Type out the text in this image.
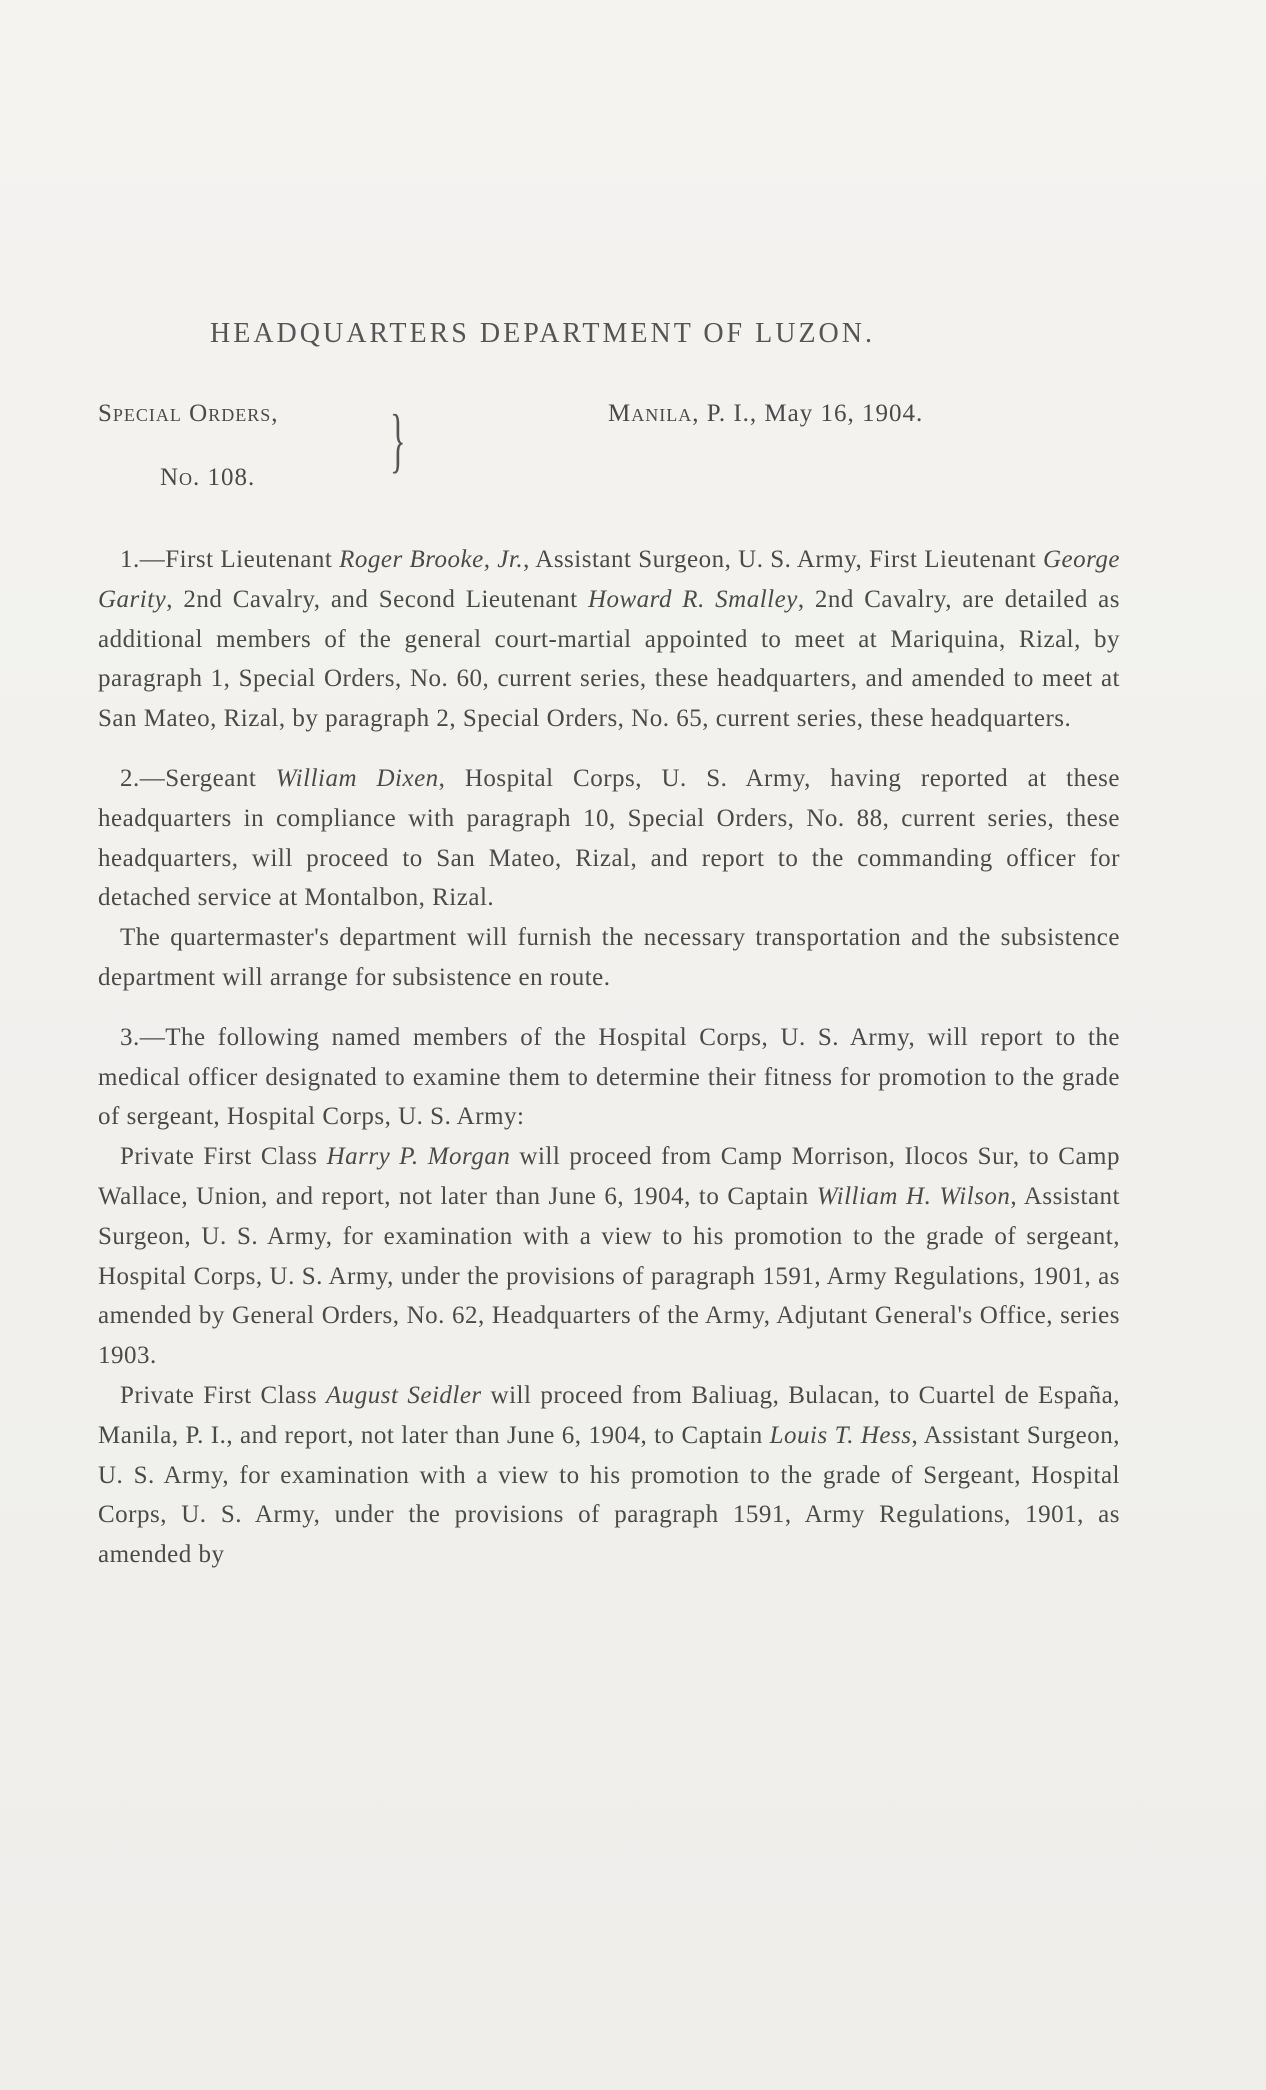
HEADQUARTERS DEPARTMENT OF LUZON.
Special Orders,
No. 108.	}	Manila, P. I., May 16, 1904.

1.—First Lieutenant Roger Brooke, Jr., Assistant Surgeon, U. S. Army, First Lieutenant George Garity, 2nd Cavalry, and Second Lieutenant Howard R. Smalley, 2nd Cavalry, are detailed as additional members of the general court-martial appointed to meet at Mariquina, Rizal, by paragraph 1, Special Orders, No. 60, current series, these headquarters, and amended to meet at San Mateo, Rizal, by paragraph 2, Special Orders, No. 65, current series, these headquarters.

2.—Sergeant William Dixen, Hospital Corps, U. S. Army, having reported at these headquarters in compliance with paragraph 10, Special Orders, No. 88, current series, these headquarters, will proceed to San Mateo, Rizal, and report to the commanding officer for detached service at Montalbon, Rizal.

The quartermaster's department will furnish the necessary transportation and the subsistence department will arrange for subsistence en route.

3.—The following named members of the Hospital Corps, U. S. Army, will report to the medical officer designated to examine them to determine their fitness for promotion to the grade of sergeant, Hospital Corps, U. S. Army:

Private First Class Harry P. Morgan will proceed from Camp Morrison, Ilocos Sur, to Camp Wallace, Union, and report, not later than June 6, 1904, to Captain William H. Wilson, Assistant Surgeon, U. S. Army, for examination with a view to his promotion to the grade of sergeant, Hospital Corps, U. S. Army, under the provisions of paragraph 1591, Army Regulations, 1901, as amended by General Orders, No. 62, Headquarters of the Army, Adjutant General's Office, series 1903.

Private First Class August Seidler will proceed from Baliuag, Bulacan, to Cuartel de España, Manila, P. I., and report, not later than June 6, 1904, to Captain Louis T. Hess, Assistant Surgeon, U. S. Army, for examination with a view to his promotion to the grade of Sergeant, Hospital Corps, U. S. Army, under the provisions of paragraph 1591, Army Regulations, 1901, as amended by
